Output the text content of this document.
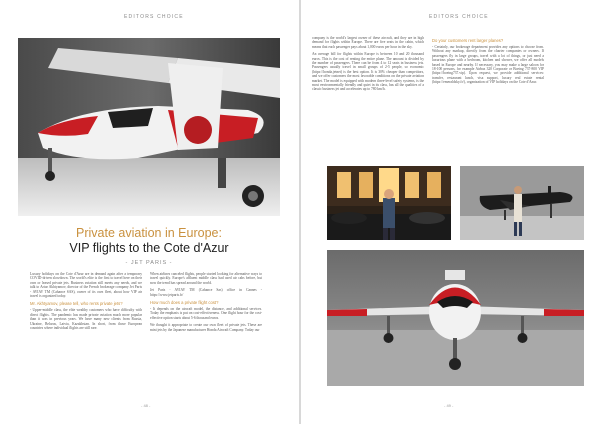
EDITORS CHOICE
Private aviation in Europe:
VIP flights to the Cote d'Azur
- JET PARIS -

Luxury holidays on the Cote d'Azur are in demand again after a temporary COVID-driven slowdown. The world's elite is the first to travel here on their own or leased private jets. Business aviation still meets any needs, and we talk to Artur Akhtyamov, director of the French brokerage company Jet Paris - AVIAV TM (Cahance SAS), owner of its own fleet, about how VIP air travel is organized today.

Mr. Akhtyamov, please tell, who rents private jets?

- Upper-middle class, the elite wealthy customers who have difficulty with direct flights. The pandemic has made private aviation much more popular than it was in previous years. We have many new clients from Russia, Ukraine, Belarus, Latvia, Kazakhstan. In short, from those European countries where individual flights are still rare.

When airlines canceled flights, people started looking for alternative ways to travel quickly. Europe's affluent middle class had used air cabs before, but now the trend has spread around the world.

Jet Paris - AVIAV TM (Cahance Sas) office in Cannes - https://www.jetparis.fr/

How much does a private flight cost?

- It depends on the aircraft model, the distance, and additional services. Today the emphasis is put on cost-effectiveness. One flight hour for the cost-effective option starts about 5-6 thousand euros.

We thought it appropriate to create our own fleet of private jets. These are mini jets by the Japanese manufacturer Honda Aircraft Company. Today our

- 48 -
EDITORS CHOICE

company is the world's largest owner of these aircraft, and they are in high demand for flights within Europe. There are five seats in the cabin, which means that each passenger pays about 1,000 euros per hour in the sky.

An average bill for flights within Europe is between 10 and 20 thousand euros. This is the cost of renting the entire plane. The amount is divided by the number of passengers. There can be from 4 to 12 seats in business jets. Passengers usually travel in small groups of 2-5 people, so economic (https://honda.jetnet) is the best option. It is 30% cheaper than competitors, and we offer customers the most favorable conditions on the private aviation market. The model is equipped with modern three-level safety systems, is the most environmentally friendly and quiet in its class, has all the qualities of a classic business jet and accelerates up to 780 km/h.

Do your customers rent larger planes?

- Certainly, our brokerage department provides any options to choose from. Without any markup, directly from the charter companies or owners. If passengers fly in large groups, travel with a lot of things, or just need a luxurious plane with a bedroom, kitchen and shower, we offer all models based in Europe and nearby. If necessary, you may make a large saloon for 18-100 persons, for example Airbus 320 Corporate or Boeing 737-800 VIP (https://boeing737.vip). Upon request, we provide additional services: transfer, restaurant lunch, visa support, luxury real estate rental (https://emeraldsky.fr/), organization of VIP holidays on the Cote d'Azur.

- 49 -
